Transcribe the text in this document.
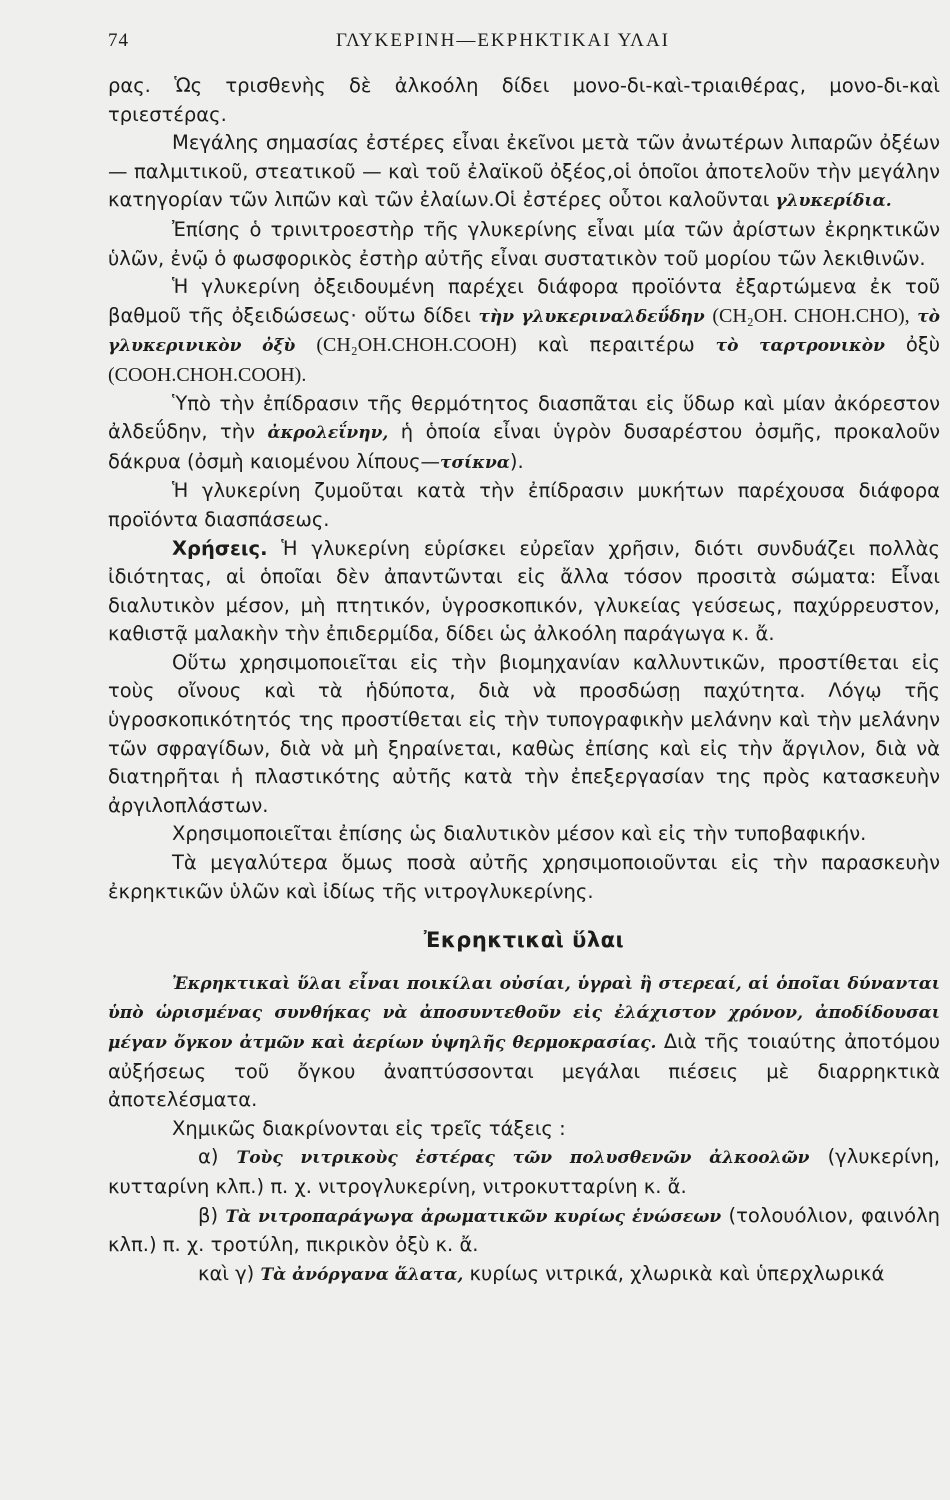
74	ΓΛΥΚΕΡΙΝΗ—ΕΚΡΗΚΤΙΚΑΙ ΥΛΑΙ

ρας. Ὡς τρισθενὴς δὲ ἀλκοόλη δίδει μονο-δι-καὶ-τριαιθέρας, μονο-δι-καὶ τριεστέρας.

Μεγάλης σημασίας ἐστέρες εἶναι ἐκεῖνοι μετὰ τῶν ἀνωτέρων λιπαρῶν ὀξέων — παλμιτικοῦ, στεατικοῦ — καὶ τοῦ ἐλαϊκοῦ ὀξέος,οἱ ὁποῖοι ἀποτελοῦν τὴν μεγάλην κατηγορίαν τῶν λιπῶν καὶ τῶν ἐλαίων.Οἱ ἐστέρες οὗτοι καλοῦνται γλυκερίδια.

Ἐπίσης ὁ τρινιτροεστὴρ τῆς γλυκερίνης εἶναι μία τῶν ἀρίστων ἐκρηκτικῶν ὑλῶν, ἐνῷ ὁ φωσφορικὸς ἐστὴρ αὐτῆς εἶναι συστατικὸν τοῦ μορίου τῶν λεκιθινῶν.

Ἡ γλυκερίνη ὀξειδουμένη παρέχει διάφορα προϊόντα ἐξαρτώμενα ἐκ τοῦ βαθμοῦ τῆς ὀξειδώσεως· οὕτω δίδει τὴν γλυκεριναλδεΰδην (CH₂OH. CHOH.CHO), τὸ γλυκερινικὸν ὀξὺ (CH₂OH.CHOH.COOH) καὶ περαιτέρω τὸ ταρτρονικὸν ὀξὺ (COOH.CHOH.COOH).

Ὑπὸ τὴν ἐπίδρασιν τῆς θερμότητος διασπᾶται εἰς ὕδωρ καὶ μίαν ἀκόρεστον ἀλδεΰδην, τὴν ἀκρολεΐνην, ἡ ὁποία εἶναι ὑγρὸν δυσαρέστου ὀσμῆς, προκαλοῦν δάκρυα (ὀσμὴ καιομένου λίπους—τσίκνα).

Ἡ γλυκερίνη ζυμοῦται κατὰ τὴν ἐπίδρασιν μυκήτων παρέχουσα διάφορα προϊόντα διασπάσεως.

Χρήσεις. Ἡ γλυκερίνη εὑρίσκει εὐρεῖαν χρῆσιν, διότι συνδυάζει πολλὰς ἰδιότητας, αἱ ὁποῖαι δὲν ἀπαντῶνται εἰς ἄλλα τόσον προσιτὰ σώματα: Εἶναι διαλυτικὸν μέσον, μὴ πτητικόν, ὑγροσκοπικόν, γλυκείας γεύσεως, παχύρρευστον, καθιστᾷ μαλακὴν τὴν ἐπιδερμίδα, δίδει ὡς ἀλκοόλη παράγωγα κ. ἄ.

Οὕτω χρησιμοποιεῖται εἰς τὴν βιομηχανίαν καλλυντικῶν, προστίθεται εἰς τοὺς οἴνους καὶ τὰ ἡδύποτα, διὰ νὰ προσδώσῃ παχύτητα. Λόγῳ τῆς ὑγροσκοπικότητός της προστίθεται εἰς τὴν τυπογραφικὴν μελάνην καὶ τὴν μελάνην τῶν σφραγίδων, διὰ νὰ μὴ ξηραίνεται, καθὼς ἐπίσης καὶ εἰς τὴν ἄργιλον, διὰ νὰ διατηρῆται ἡ πλαστικότης αὐτῆς κατὰ τὴν ἐπεξεργασίαν της πρὸς κατασκευὴν ἀργιλοπλάστων.

Χρησιμοποιεῖται ἐπίσης ὡς διαλυτικὸν μέσον καὶ εἰς τὴν τυποβαφικήν.

Τὰ μεγαλύτερα ὅμως ποσὰ αὐτῆς χρησιμοποιοῦνται εἰς τὴν παρασκευὴν ἐκρηκτικῶν ὑλῶν καὶ ἰδίως τῆς νιτρογλυκερίνης.

Ἐκρηκτικαὶ ὕλαι

Ἐκρηκτικαὶ ὕλαι εἶναι ποικίλαι οὐσίαι, ὑγραὶ ἢ στερεαί, αἱ ὁποῖαι δύνανται ὑπὸ ὡρισμένας συνθήκας νὰ ἀποσυντεθοῦν εἰς ἐλάχιστον χρόνον, ἀποδίδουσαι μέγαν ὄγκον ἀτμῶν καὶ ἀερίων ὑψηλῆς θερμοκρασίας. Διὰ τῆς τοιαύτης ἀποτόμου αὐξήσεως τοῦ ὄγκου ἀναπτύσσονται μεγάλαι πιέσεις μὲ διαρρηκτικὰ ἀποτελέσματα.

Χημικῶς διακρίνονται εἰς τρεῖς τάξεις :

α) Τοὺς νιτρικοὺς ἐστέρας τῶν πολυσθενῶν ἀλκοολῶν (γλυκερίνη, κυτταρίνη κλπ.) π. χ. νιτρογλυκερίνη, νιτροκυτταρίνη κ. ἄ.

β) Τὰ νιτροπαράγωγα ἀρωματικῶν κυρίως ἑνώσεων (τολουόλιον, φαινόλη κλπ.) π. χ. τροτύλη, πικρικὸν ὀξὺ κ. ἄ.

καὶ γ) Τὰ ἀνόργανα ἅλατα, κυρίως νιτρικά, χλωρικὰ καὶ ὑπερχλωρικά
